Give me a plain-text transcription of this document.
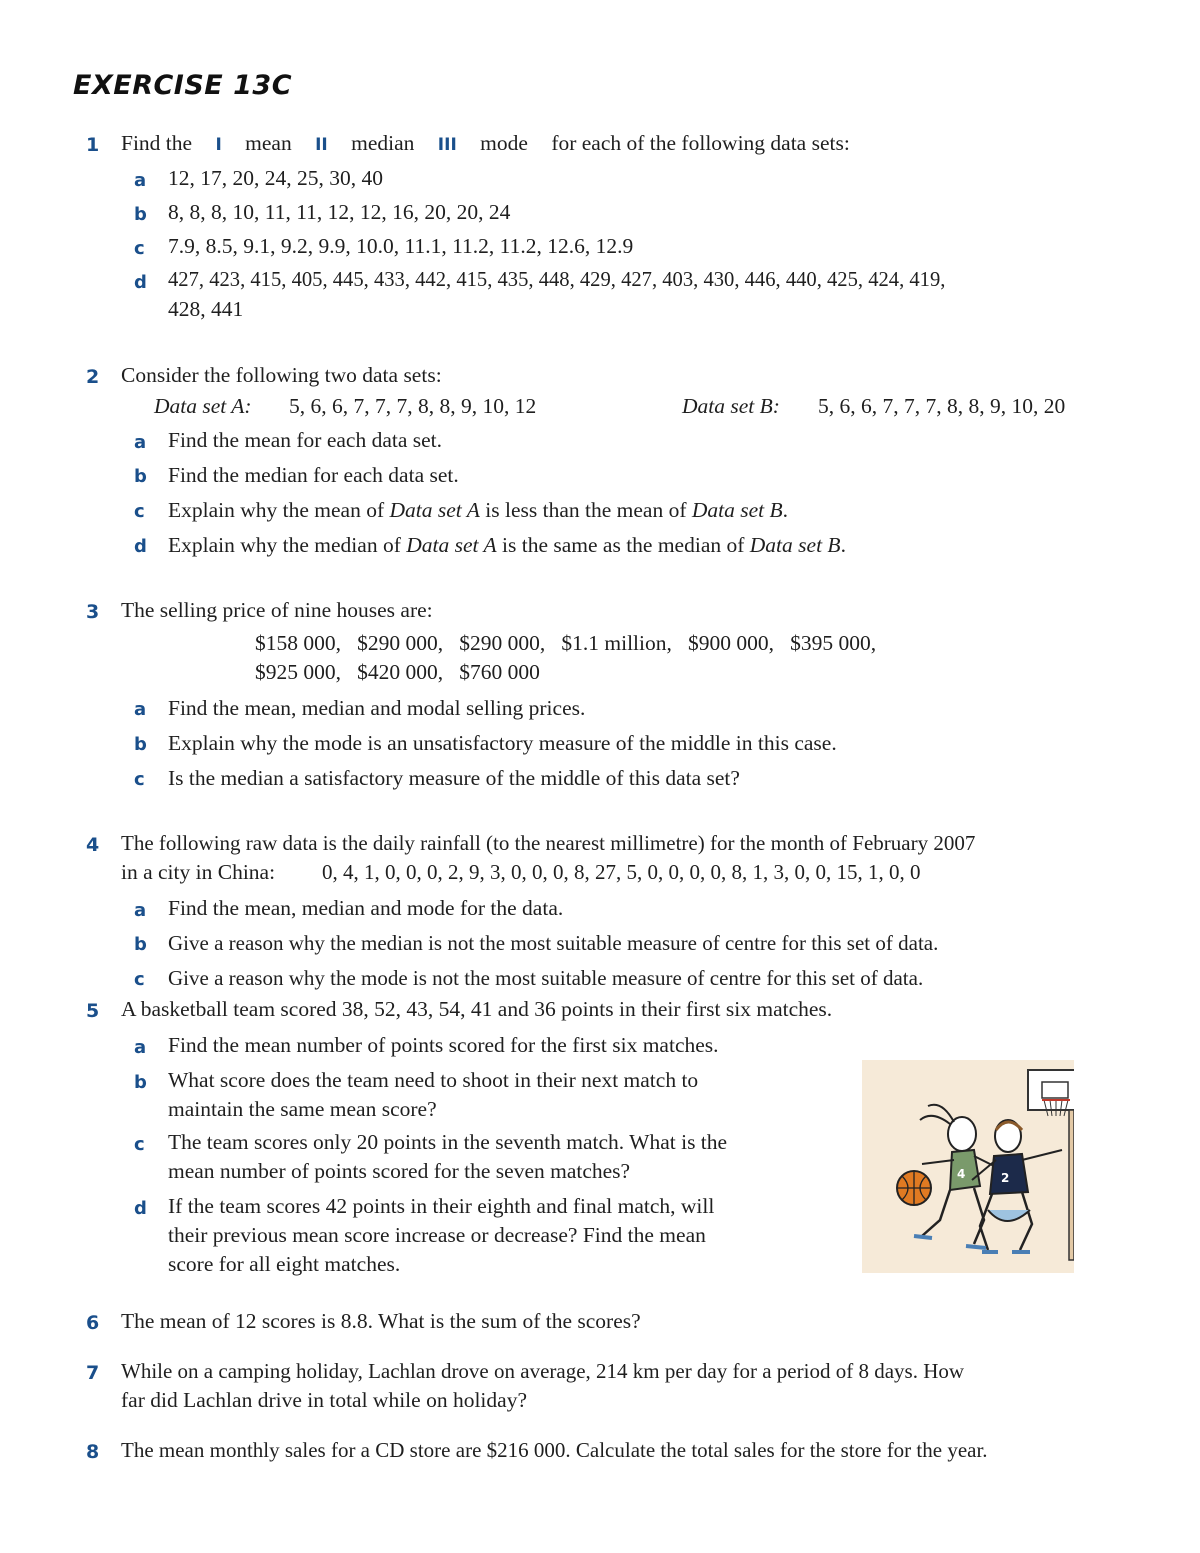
EXERCISE 13C
1 Find the I mean II median III mode for each of the following data sets:
a 12, 17, 20, 24, 25, 30, 40
b 8, 8, 8, 10, 11, 11, 12, 12, 16, 20, 20, 24
c 7.9, 8.5, 9.1, 9.2, 9.9, 10.0, 11.1, 11.2, 11.2, 12.6, 12.9
d 427, 423, 415, 405, 445, 433, 442, 415, 435, 448, 429, 427, 403, 430, 446, 440, 425, 424, 419,
428, 441
2 Consider the following two data sets:
Data set A: 5, 6, 6, 7, 7, 7, 8, 8, 9, 10, 12	Data set B: 5, 6, 6, 7, 7, 7, 8, 8, 9, 10, 20
a Find the mean for each data set.
b Find the median for each data set.
c Explain why the mean of Data set A is less than the mean of Data set B.
d Explain why the median of Data set A is the same as the median of Data set B.
3 The selling price of nine houses are:
$158 000,   $290 000,   $290 000,   $1.1 million,   $900 000,   $395 000,
$925 000,   $420 000,   $760 000
a Find the mean, median and modal selling prices.
b Explain why the mode is an unsatisfactory measure of the middle in this case.
c Is the median a satisfactory measure of the middle of this data set?
4 The following raw data is the daily rainfall (to the nearest millimetre) for the month of February 2007
in a city in China: 0, 4, 1, 0, 0, 0, 2, 9, 3, 0, 0, 0, 8, 27, 5, 0, 0, 0, 0, 8, 1, 3, 0, 0, 15, 1, 0, 0
a Find the mean, median and mode for the data.
b Give a reason why the median is not the most suitable measure of centre for this set of data.
c Give a reason why the mode is not the most suitable measure of centre for this set of data.
5 A basketball team scored 38, 52, 43, 54, 41 and 36 points in their first six matches.
a Find the mean number of points scored for the first six matches.
b What score does the team need to shoot in their next match to
maintain the same mean score?
c The team scores only 20 points in the seventh match. What is the
mean number of points scored for the seven matches?
d If the team scores 42 points in their eighth and final match, will
their previous mean score increase or decrease? Find the mean
score for all eight matches.
4	2
6 The mean of 12 scores is 8.8. What is the sum of the scores?
7 While on a camping holiday, Lachlan drove on average, 214 km per day for a period of 8 days. How
far did Lachlan drive in total while on holiday?
8 The mean monthly sales for a CD store are $216 000. Calculate the total sales for the store for the year.
